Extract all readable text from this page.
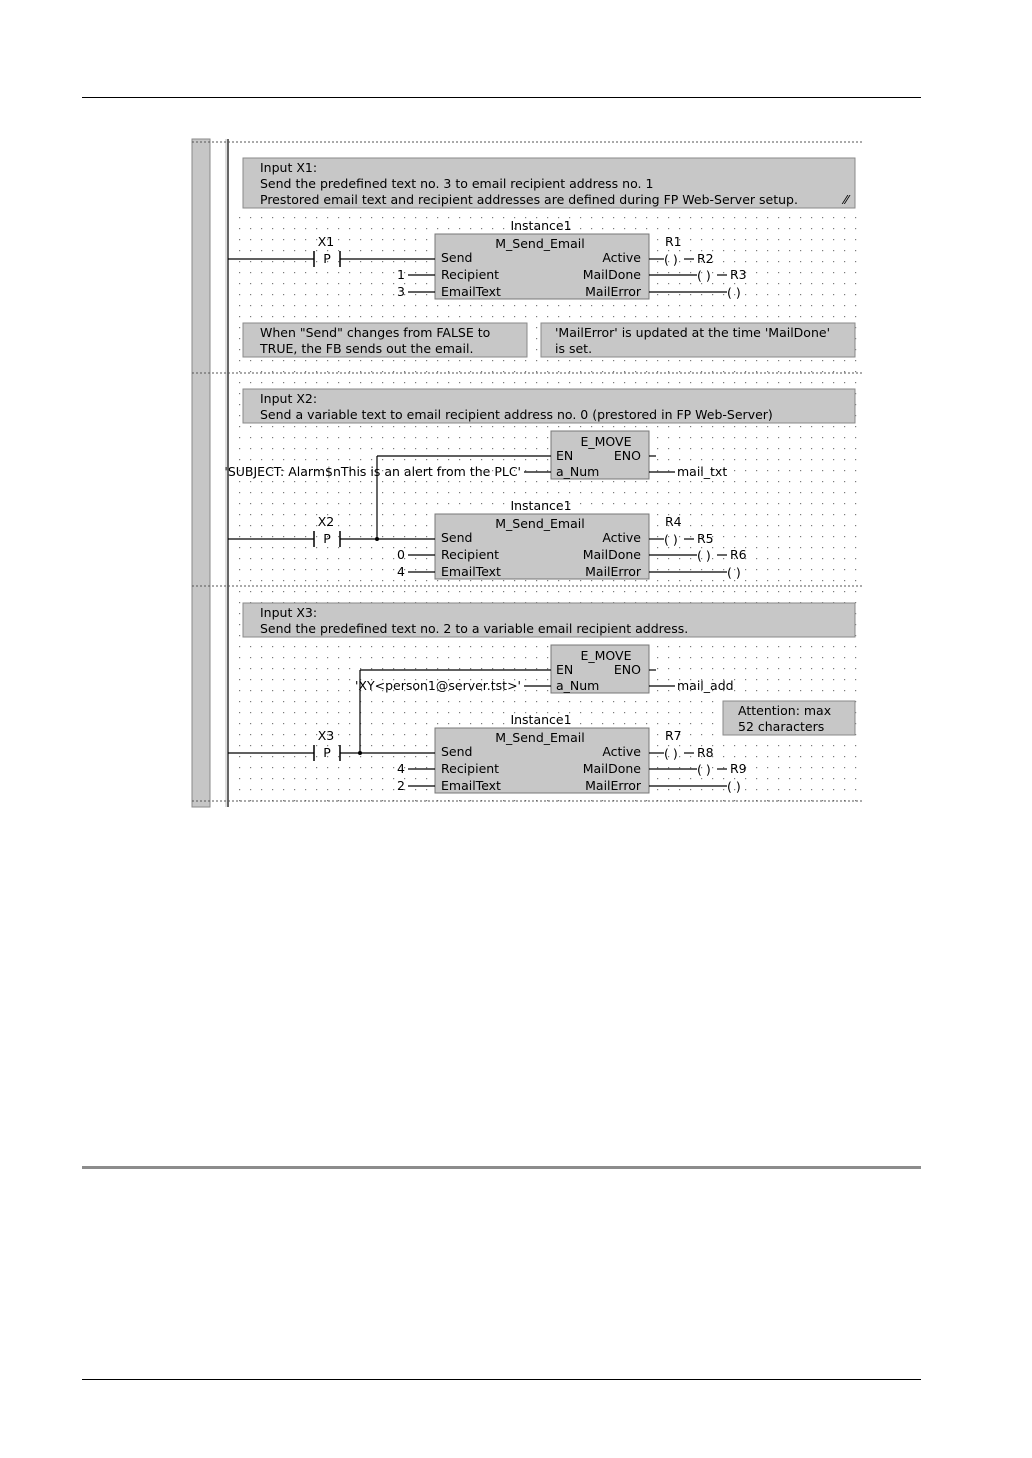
Input X1:
Send the predefined text no. 3 to email recipient address no. 1
Prestored email text and recipient addresses are defined during FP Web-Server setup.	⁄⁄
Instance1
M_Send_Email
Send
Recipient
EmailText
Active
MailDone
MailError
X1
P
1
3
R1
( ) R2
( ) R3
( )
When "Send" changes from FALSE to
TRUE, the FB sends out the email.
'MailError' is updated at the time 'MailDone'
is set.
Input X2:
Send a variable text to email recipient address no. 0 (prestored in FP Web-Server)
E_MOVE
EN	ENO
a_Num
'SUBJECT: Alarm$nThis is an alert from the PLC'	mail_txt
Instance1
M_Send_Email
Send
Recipient
EmailText
Active
MailDone
MailError
X2
P
0
4
R4
( ) R5
( ) R6
( )
Input X3:
Send the predefined text no. 2 to a variable email recipient address.
E_MOVE
EN	ENO
a_Num
'XY<person1@server.tst>'	mail_add
Attention: max
52 characters
Instance1
M_Send_Email
Send
Recipient
EmailText
Active
MailDone
MailError
X3
P
4
2
R7
( ) R8
( ) R9
( )
